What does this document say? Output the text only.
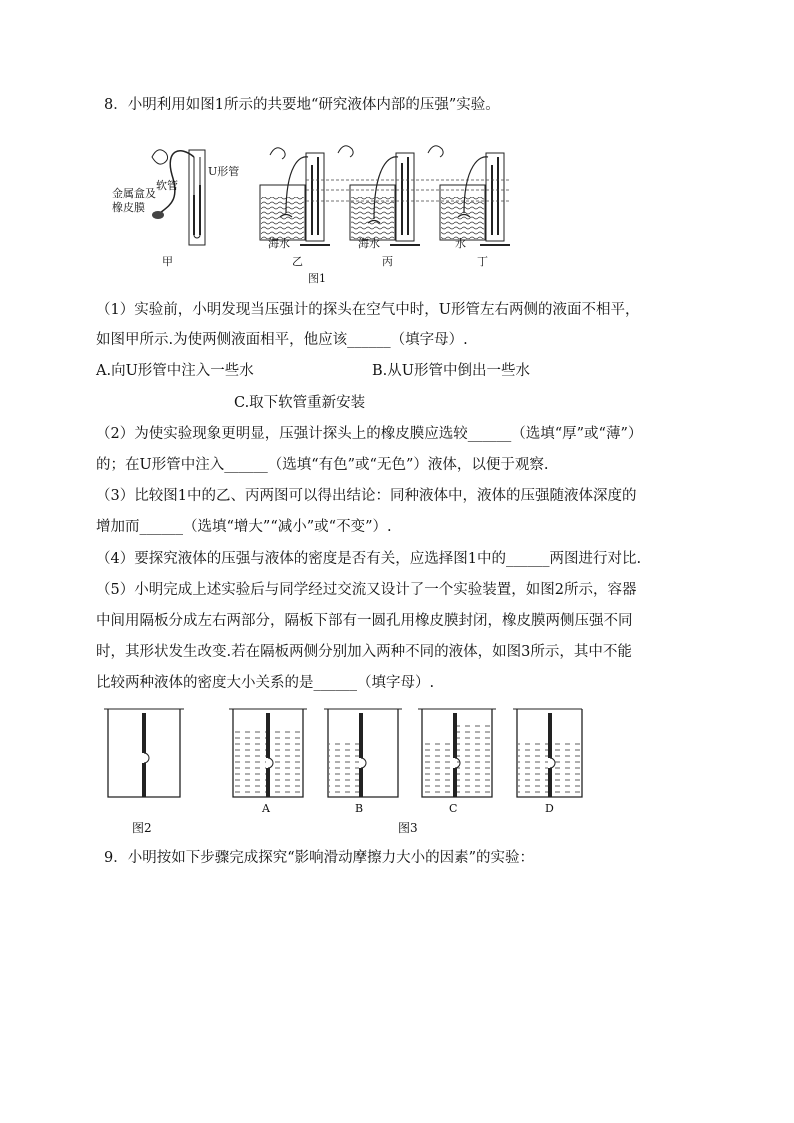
8．小明利用如图1所示的共要地“研究液体内部的压强”实验。
金属盒及
橡皮膜
软管
U形管
海水	海水	水
甲	乙	丙	丁
图1
（1）实验前，小明发现当压强计的探头在空气中时，U形管左右两侧的液面不相平，
如图甲所示.为使两侧液面相平，他应该______（填字母）.
A.向U形管中注入一些水	B.从U形管中倒出一些水
C.取下软管重新安装
（2）为使实验现象更明显，压强计探头上的橡皮膜应选较______（选填“厚”或“薄”）
的；在U形管中注入______（选填“有色”或“无色”）液体，以便于观察.
（3）比较图1中的乙、丙两图可以得出结论：同种液体中，液体的压强随液体深度的
增加而______（选填“增大”“减小”或“不变”）.
（4）要探究液体的压强与液体的密度是否有关，应选择图1中的______两图进行对比.
（5）小明完成上述实验后与同学经过交流又设计了一个实验装置，如图2所示，容器
中间用隔板分成左右两部分，隔板下部有一圆孔用橡皮膜封闭，橡皮膜两侧压强不同
时，其形状发生改变.若在隔板两侧分别加入两种不同的液体，如图3所示，其中不能
比较两种液体的密度大小关系的是______（填字母）.
A	B	C	D
图2	图3
9．小明按如下步骤完成探究“影响滑动摩擦力大小的因素”的实验：
